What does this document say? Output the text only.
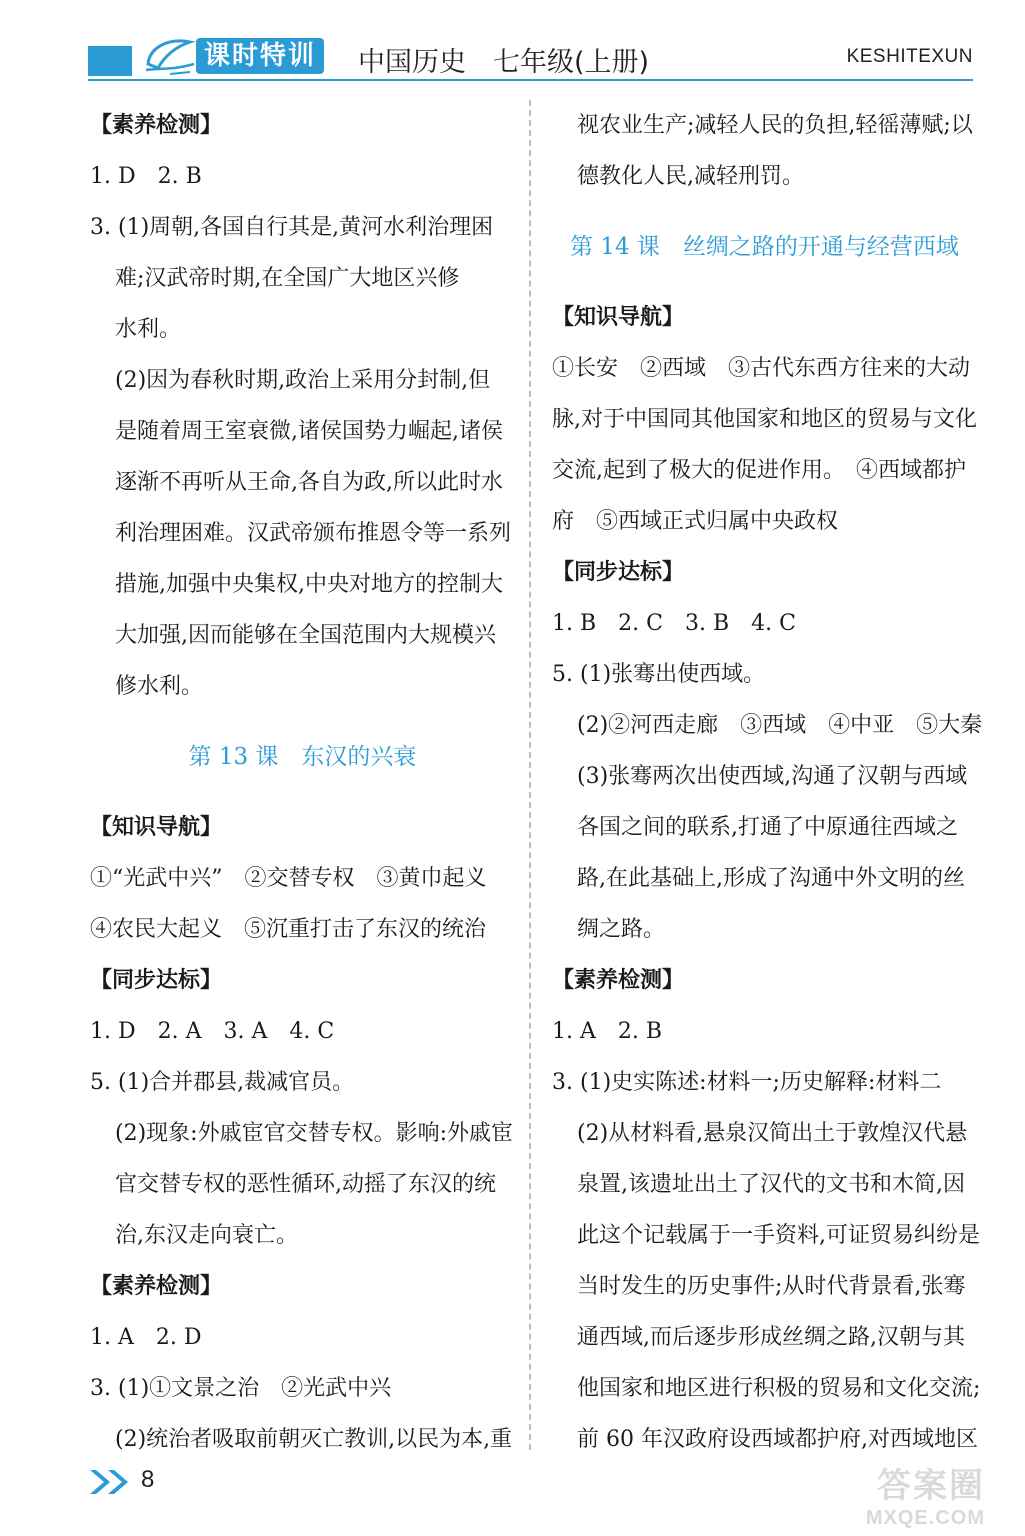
课时特训 中国历史　七年级(上册)	KESHITEXUN
【素养检测】
1. D　2. B
3. (1)周朝,各国自行其是,黄河水利治理困
难;汉武帝时期,在全国广大地区兴修
水利。
(2)因为春秋时期,政治上采用分封制,但
是随着周王室衰微,诸侯国势力崛起,诸侯
逐渐不再听从王命,各自为政,所以此时水
利治理困难。汉武帝颁布推恩令等一系列
措施,加强中央集权,中央对地方的控制大
大加强,因而能够在全国范围内大规模兴
修水利。
第 13 课　东汉的兴衰
【知识导航】
①“光武中兴”　②交替专权　③黄巾起义
④农民大起义　⑤沉重打击了东汉的统治
【同步达标】
1. D　2. A　3. A　4. C
5. (1)合并郡县,裁减官员。
(2)现象:外戚宦官交替专权。影响:外戚宦
官交替专权的恶性循环,动摇了东汉的统
治,东汉走向衰亡。
【素养检测】
1. A　2. D
3. (1)①文景之治　②光武中兴
(2)统治者吸取前朝灭亡教训,以民为本,重
视农业生产;减轻人民的负担,轻徭薄赋;以
德教化人民,减轻刑罚。
第 14 课　丝绸之路的开通与经营西域
【知识导航】
①长安　②西域　③古代东西方往来的大动
脉,对于中国同其他国家和地区的贸易与文化
交流,起到了极大的促进作用。　④西域都护
府　⑤西域正式归属中央政权
【同步达标】
1. B　2. C　3. B　4. C
5. (1)张骞出使西域。
(2)②河西走廊　③西域　④中亚　⑤大秦
(3)张骞两次出使西域,沟通了汉朝与西域
各国之间的联系,打通了中原通往西域之
路,在此基础上,形成了沟通中外文明的丝
绸之路。
【素养检测】
1. A　2. B
3. (1)史实陈述:材料一;历史解释:材料二
(2)从材料看,悬泉汉简出土于敦煌汉代悬
泉置,该遗址出土了汉代的文书和木简,因
此这个记载属于一手资料,可证贸易纠纷是
当时发生的历史事件;从时代背景看,张骞
通西域,而后逐步形成丝绸之路,汉朝与其
他国家和地区进行积极的贸易和文化交流;
前 60 年汉政府设西域都护府,对西域地区
8	答案圈
MXQE.COM
